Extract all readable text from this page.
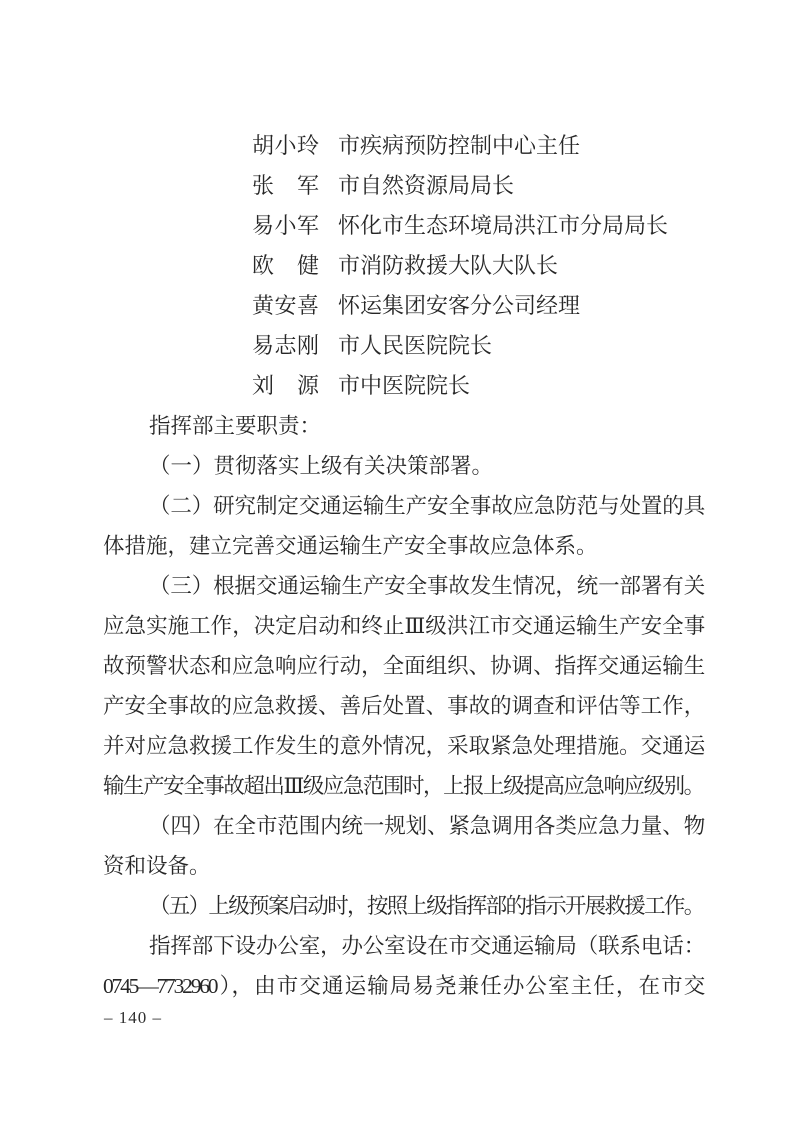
胡小玲 市疾病预防控制中心主任
张军 市自然资源局局长
易小军 怀化市生态环境局洪江市分局局长
欧健 市消防救援大队大队长
黄安喜 怀运集团安客分公司经理
易志刚 市人民医院院长
刘源 市中医院院长
指挥部主要职责：
（一）贯彻落实上级有关决策部署。
（二）研究制定交通运输生产安全事故应急防范与处置的具
体措施，建立完善交通运输生产安全事故应急体系。
（三）根据交通运输生产安全事故发生情况，统一部署有关
应急实施工作，决定启动和终止Ⅲ级洪江市交通运输生产安全事
故预警状态和应急响应行动，全面组织、协调、指挥交通运输生
产安全事故的应急救援、善后处置、事故的调查和评估等工作，
并对应急救援工作发生的意外情况，采取紧急处理措施。交通运
输生产安全事故超出Ⅲ级应急范围时，上报上级提高应急响应级别。
（四）在全市范围内统一规划、紧急调用各类应急力量、物
资和设备。
（五）上级预案启动时，按照上级指挥部的指示开展救援工作。
指挥部下设办公室，办公室设在市交通运输局（联系电话：
0745—7732960），由市交通运输局易尧兼任办公室主任，在市交
– 140 –
